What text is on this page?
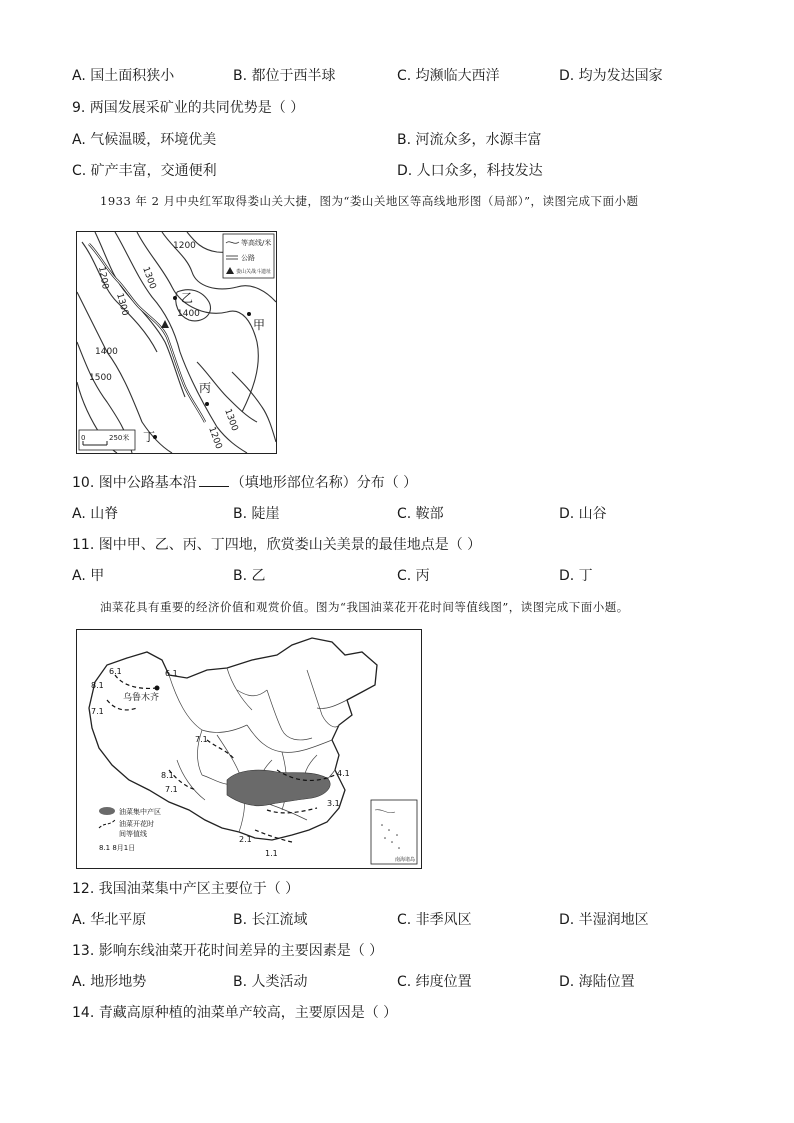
A. 国土面积狭小	B. 都位于西半球	C. 均濒临大西洋	D. 均为发达国家
9. 两国发展采矿业的共同优势是（ ）
A. 气候温暖，环境优美	B. 河流众多，水源丰富
C. 矿产丰富，交通便利	D. 人口众多，科技发达
1933 年 2 月中央红军取得娄山关大捷，图为“娄山关地区等高线地形图（局部）”，读图完成下面小题
1200
1300
1200
1300	1400
1400
1500
1300
1200
乙
甲
丙
丁
等高线/米
公路
娄山关战斗遗址
0	250米
10. 图中公路基本沿 （填地形部位名称）分布（ ）
A. 山脊	B. 陡崖	C. 鞍部	D. 山谷
11. 图中甲、乙、丙、丁四地，欣赏娄山关美景的最佳地点是（ ）
A. 甲	B. 乙	C. 丙	D. 丁
油菜花具有重要的经济价值和观赏价值。图为“我国油菜花开花时间等值线图”，读图完成下面小题。
乌鲁木齐
6.1	6.1
8.1
7.1
7.1
8.1
7.1
4.1
3.1
2.1
1.1
油菜集中产区
油菜开花时
间等值线
8.1 8月1日
南海诸岛
12. 我国油菜集中产区主要位于（ ）
A. 华北平原	B. 长江流域	C. 非季风区	D. 半湿润地区
13. 影响东线油菜开花时间差异的主要因素是（ ）
A. 地形地势	B. 人类活动	C. 纬度位置	D. 海陆位置
14. 青藏高原种植的油菜单产较高，主要原因是（ ）
